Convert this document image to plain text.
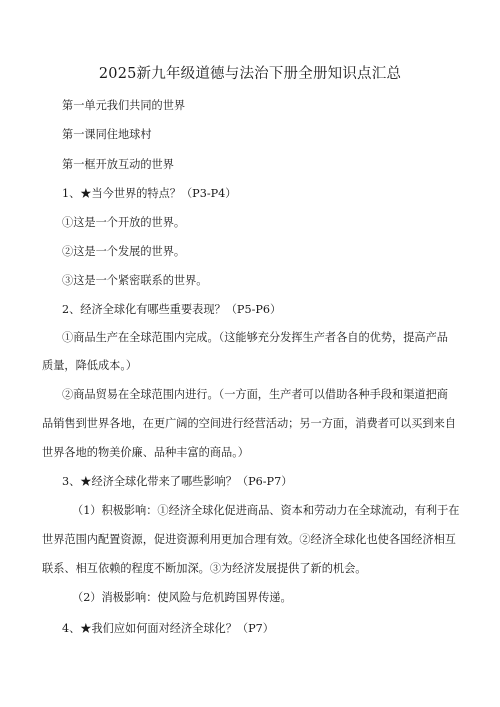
2025新九年级道德与法治下册全册知识点汇总
第一单元我们共同的世界
第一课同住地球村
第一框开放互动的世界
1、★当今世界的特点？（P3-P4）
①这是一个开放的世界。
②这是一个发展的世界。
③这是一个紧密联系的世界。
2、经济全球化有哪些重要表现？（P5-P6）
①商品生产在全球范围内完成。（这能够充分发挥生产者各自的优势，提高产品
质量，降低成本。）
②商品贸易在全球范围内进行。（一方面，生产者可以借助各种手段和渠道把商
品销售到世界各地，在更广阔的空间进行经营活动；另一方面，消费者可以买到来自
世界各地的物美价廉、品种丰富的商品。）
3、★经济全球化带来了哪些影响？（P6-P7）
（1）积极影响：①经济全球化促进商品、资本和劳动力在全球流动，有利于在
世界范围内配置资源，促进资源利用更加合理有效。②经济全球化也使各国经济相互
联系、相互依赖的程度不断加深。③为经济发展提供了新的机会。
（2）消极影响：使风险与危机跨国界传递。
4、★我们应如何面对经济全球化？（P7）
